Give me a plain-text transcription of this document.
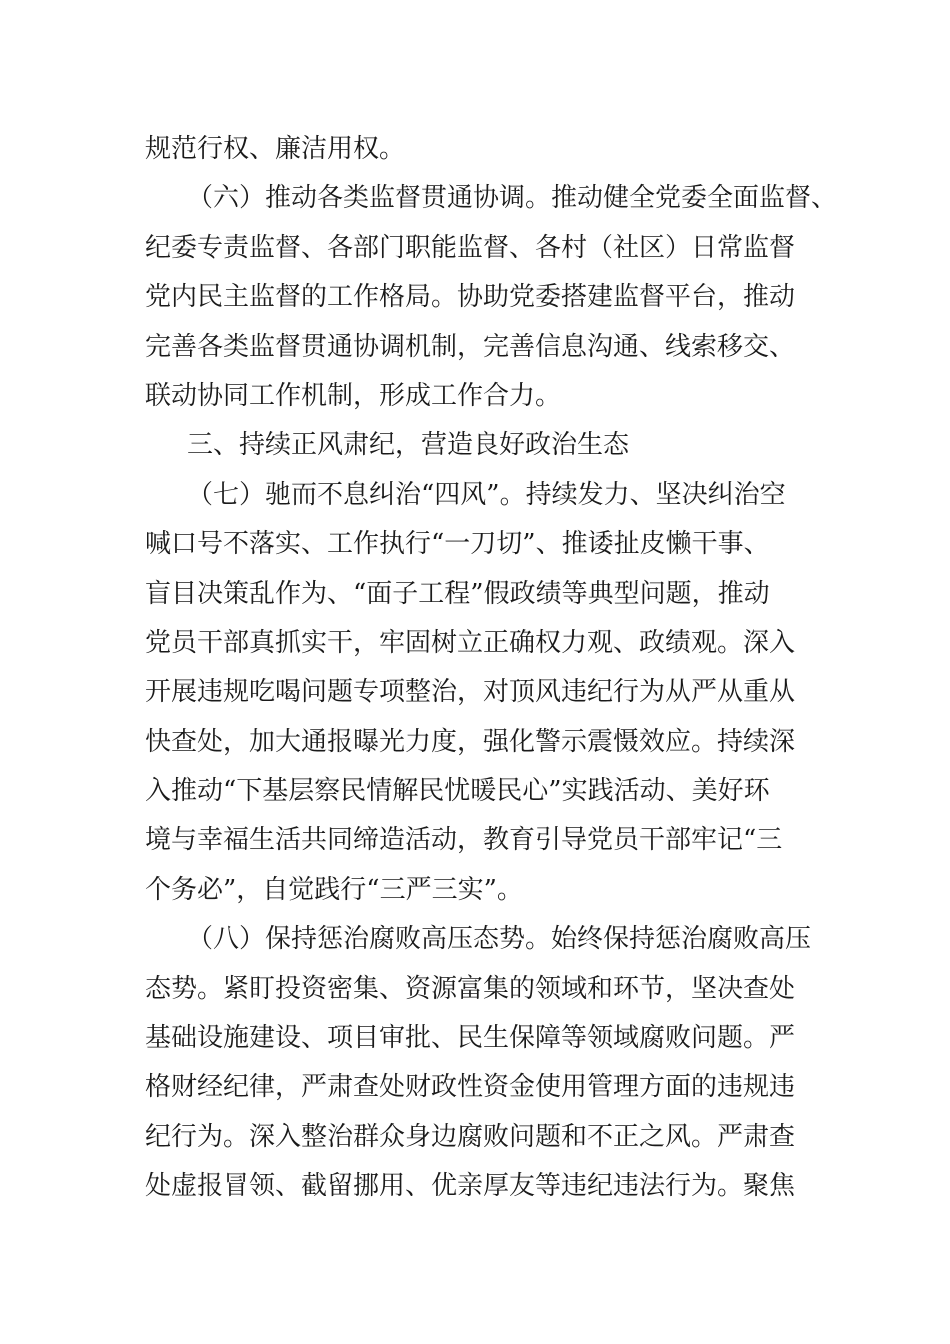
规范行权、廉洁用权。
（六）推动各类监督贯通协调。推动健全党委全面监督、
纪委专责监督、各部门职能监督、各村（社区）日常监督
党内民主监督的工作格局。协助党委搭建监督平台，推动
完善各类监督贯通协调机制，完善信息沟通、线索移交、
联动协同工作机制，形成工作合力。
三、持续正风肃纪，营造良好政治生态
（七）驰而不息纠治“四风”。持续发力、坚决纠治空
喊口号不落实、工作执行“一刀切”、推诿扯皮懒干事、
盲目决策乱作为、“面子工程”假政绩等典型问题，推动
党员干部真抓实干，牢固树立正确权力观、政绩观。深入
开展违规吃喝问题专项整治，对顶风违纪行为从严从重从
快查处，加大通报曝光力度，强化警示震慑效应。持续深
入推动“下基层察民情解民忧暖民心”实践活动、美好环
境与幸福生活共同缔造活动，教育引导党员干部牢记“三
个务必”，自觉践行“三严三实”。
（八）保持惩治腐败高压态势。始终保持惩治腐败高压
态势。紧盯投资密集、资源富集的领域和环节，坚决查处
基础设施建设、项目审批、民生保障等领域腐败问题。严
格财经纪律，严肃查处财政性资金使用管理方面的违规违
纪行为。深入整治群众身边腐败问题和不正之风。严肃查
处虚报冒领、截留挪用、优亲厚友等违纪违法行为。聚焦
